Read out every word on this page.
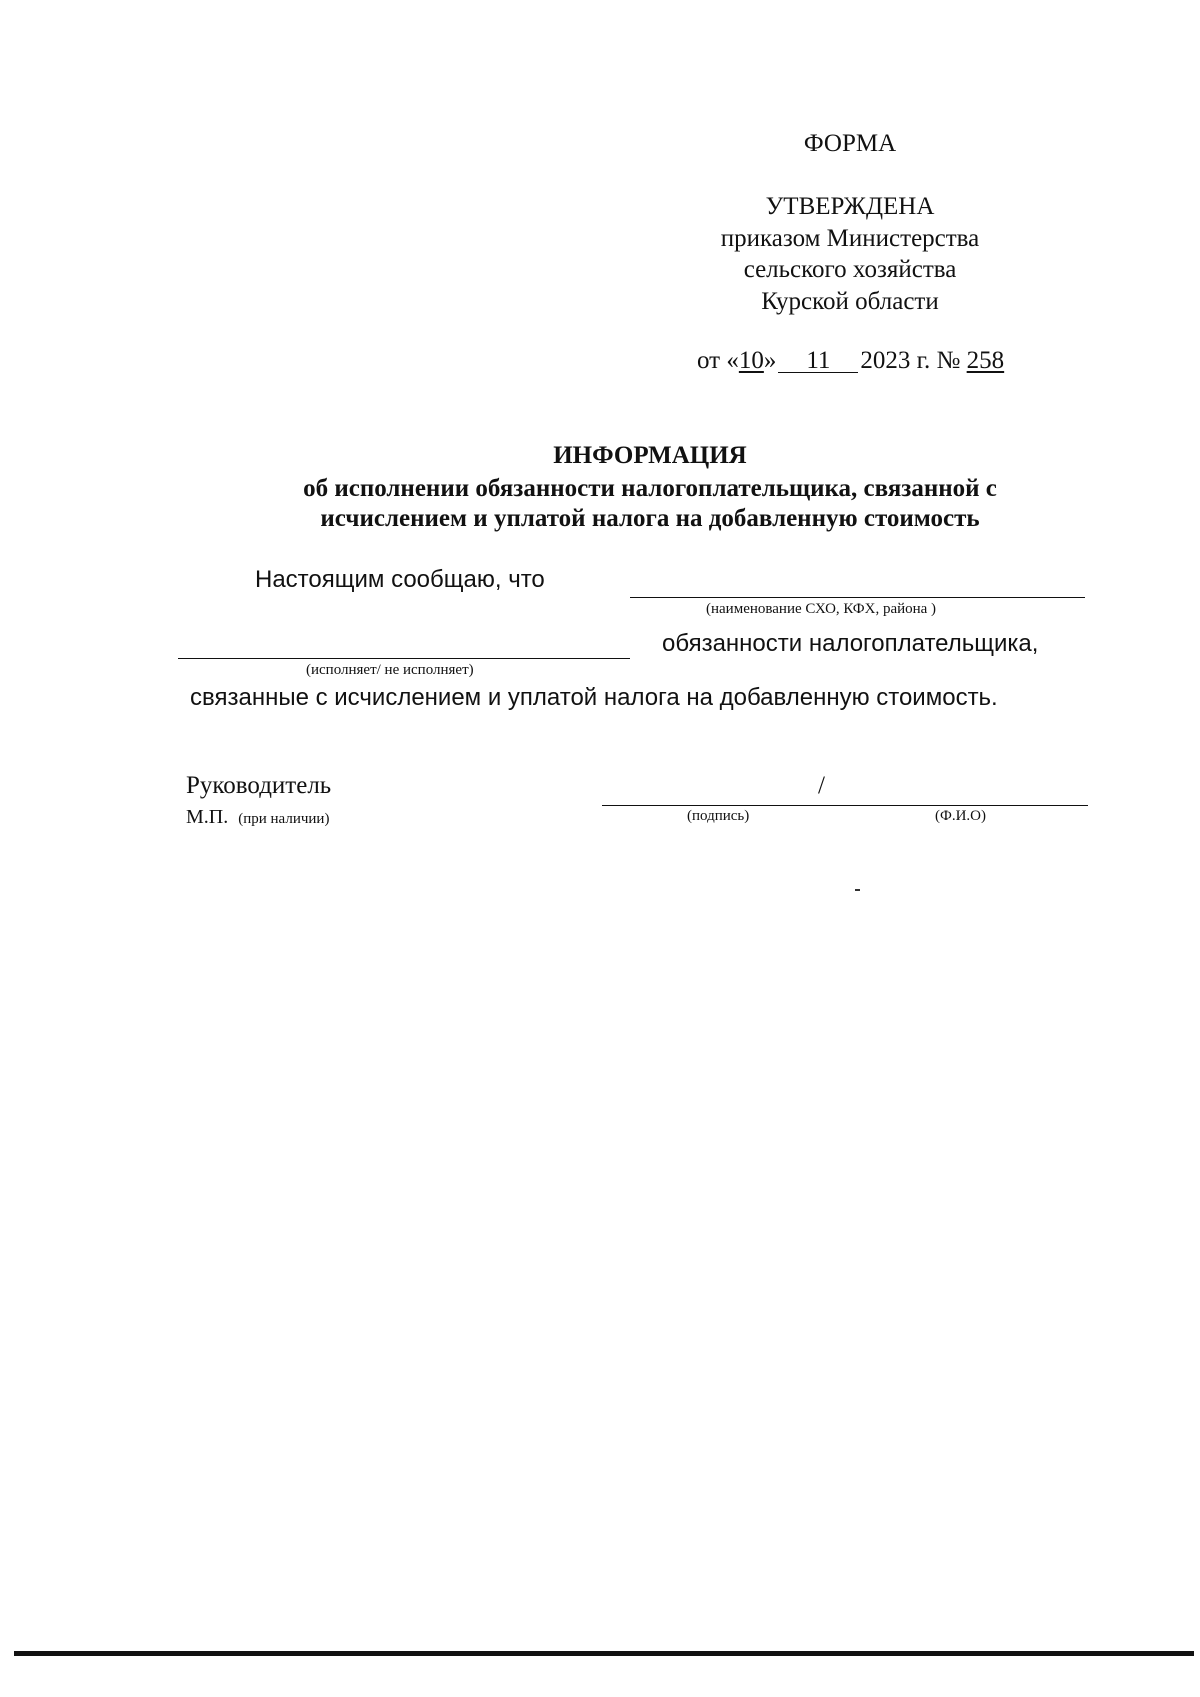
ФОРМА
УТВЕРЖДЕНА
приказом Министерства
сельского хозяйства
Курской области
от «10» 11 2023 г. № 258
ИНФОРМАЦИЯ
об исполнении обязанности налогоплательщика, связанной с
исчислением и уплатой налога на добавленную стоимость
Настоящим сообщаю, что
(наименование СХО, КФХ, района )
обязанности налогоплательщика,
(исполняет/ не исполняет)
связанные с исчислением и уплатой налога на добавленную стоимость.
Руководитель
М.П. (при наличии)
/
(подпись)	(Ф.И.О)
